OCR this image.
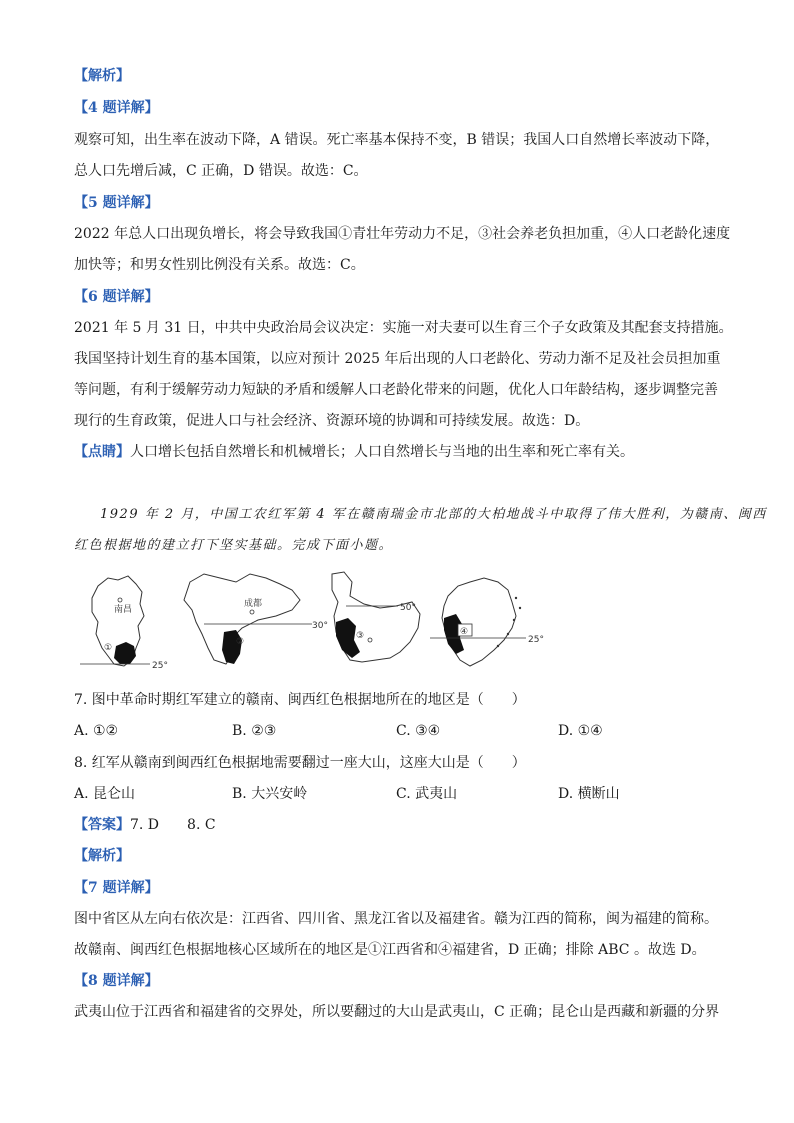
【解析】
【4 题详解】
观察可知，出生率在波动下降，A 错误。死亡率基本保持不变，B 错误；我国人口自然增长率波动下降，
总人口先增后减，C 正确，D 错误。故选：C。
【5 题详解】
2022 年总人口出现负增长，将会导致我国①青壮年劳动力不足，③社会养老负担加重，④人口老龄化速度
加快等；和男女性别比例没有关系。故选：C。
【6 题详解】
2021 年 5 月 31 日，中共中央政治局会议决定：实施一对夫妻可以生育三个子女政策及其配套支持措施。
我国坚持计划生育的基本国策，以应对预计 2025 年后出现的人口老龄化、劳动力渐不足及社会员担加重
等问题，有利于缓解劳动力短缺的矛盾和缓解人口老龄化带来的问题，优化人口年龄结构，逐步调整完善
现行的生育政策，促进人口与社会经济、资源环境的协调和可持续发展。故选：D。
【点睛】人口增长包括自然增长和机械增长；人口自然增长与当地的出生率和死亡率有关。
1929 年 2 月，中国工农红军第 4 军在赣南瑞金市北部的大柏地战斗中取得了伟大胜利，为赣南、闽西
红色根据地的建立打下坚实基础。完成下面小题。
南昌
①
25°
成都
②
30°
③
50°
④
25°
7. 图中革命时期红军建立的赣南、闽西红色根据地所在的地区是（　　）
A. ①②	B. ②③	C. ③④	D. ①④
8. 红军从赣南到闽西红色根据地需要翻过一座大山，这座大山是（　　）
A. 昆仑山	B. 大兴安岭	C. 武夷山	D. 横断山
【答案】7. D　　8. C
【解析】
【7 题详解】
图中省区从左向右依次是：江西省、四川省、黑龙江省以及福建省。赣为江西的简称，闽为福建的简称。
故赣南、闽西红色根据地核心区域所在的地区是①江西省和④福建省，D 正确；排除 ABC 。故选 D。
【8 题详解】
武夷山位于江西省和福建省的交界处，所以要翻过的大山是武夷山，C 正确；昆仑山是西藏和新疆的分界
